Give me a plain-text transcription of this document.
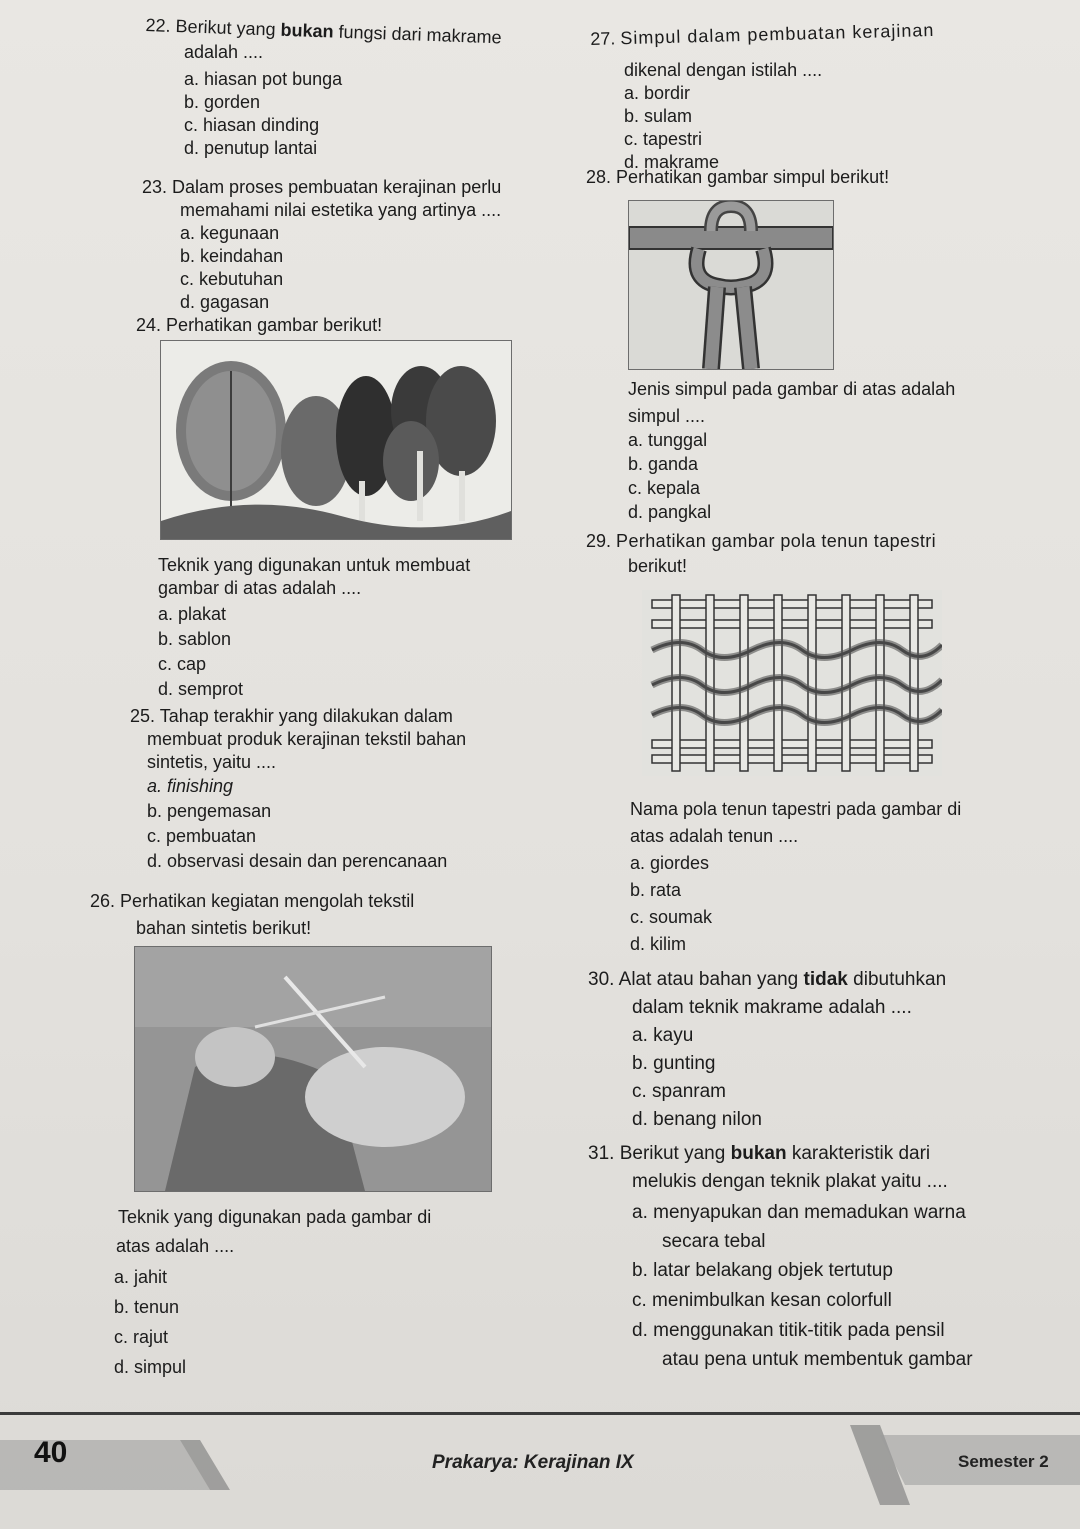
22. Berikut yang bukan fungsi dari makrame
adalah ....
a. hiasan pot bunga
b. gorden
c. hiasan dinding
d. penutup lantai
23. Dalam proses pembuatan kerajinan perlu
memahami nilai estetika yang artinya ....
a. kegunaan
b. keindahan
c. kebutuhan
d. gagasan
24. Perhatikan gambar berikut!
Teknik yang digunakan untuk membuat
gambar di atas adalah ....
a. plakat
b. sablon
c. cap
d. semprot
25. Tahap terakhir yang dilakukan dalam
membuat produk kerajinan tekstil bahan
sintetis, yaitu ....
a. finishing
b. pengemasan
c. pembuatan
d. observasi desain dan perencanaan
26. Perhatikan kegiatan mengolah tekstil
bahan sintetis berikut!
Teknik yang digunakan pada gambar di
atas adalah ....
a. jahit
b. tenun
c. rajut
d. simpul
27. Simpul dalam pembuatan kerajinan
dikenal dengan istilah ....
a. bordir
b. sulam
c. tapestri
d. makrame
28. Perhatikan gambar simpul berikut!
Jenis simpul pada gambar di atas adalah
simpul ....
a. tunggal
b. ganda
c. kepala
d. pangkal
29. Perhatikan gambar pola tenun tapestri
berikut!
Nama pola tenun tapestri pada gambar di
atas adalah tenun ....
a. giordes
b. rata
c. soumak
d. kilim
30. Alat atau bahan yang tidak dibutuhkan
dalam teknik makrame adalah ....
a. kayu
b. gunting
c. spanram
d. benang nilon
31. Berikut yang bukan karakteristik dari
melukis dengan teknik plakat yaitu ....
a. menyapukan dan memadukan warna
secara tebal
b. latar belakang objek tertutup
c. menimbulkan kesan colorfull
d. menggunakan titik-titik pada pensil
atau pena untuk membentuk gambar
40	Prakarya: Kerajinan IX	Semester 2
